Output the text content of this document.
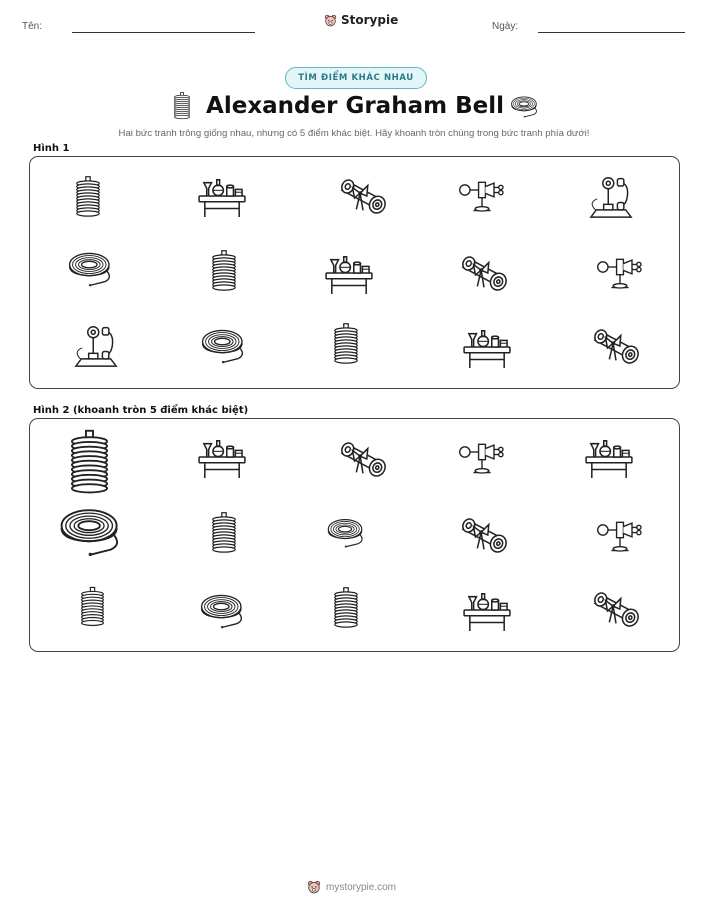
Tên:	Storypie	Ngày:
TÌM ĐIỂM KHÁC NHAU
Alexander Graham Bell
Hai bức tranh trông giống nhau, nhưng có 5 điểm khác biệt. Hãy khoanh tròn chúng trong bức tranh phía dưới!
Hình 1
Hình 2 (khoanh tròn 5 điểm khác biệt)
mystorypie.com
